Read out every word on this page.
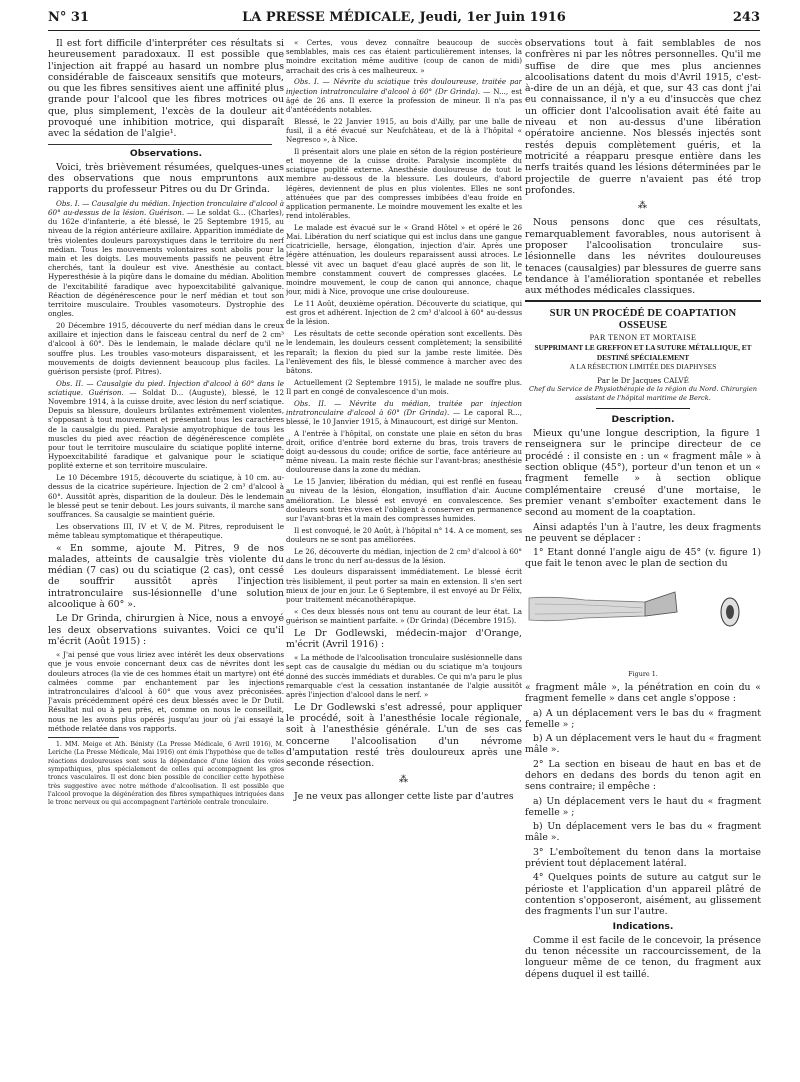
N° 31	LA PRESSE MÉDICALE, Jeudi, 1er Juin 1916	243

Il est fort difficile d'interpréter ces résultats si heureusement paradoxaux. Il est possible que l'injection ait frappé au hasard un nombre plus considérable de faisceaux sensitifs que moteurs, ou que les fibres sensitives aient une affinité plus grande pour l'alcool que les fibres motrices ou que, plus simplement, l'excès de la douleur ait provoqué une inhibition motrice, qui disparaît avec la sédation de l'algie¹.

Observations.

Voici, très brièvement résumées, quelques-unes des observations que nous empruntons aux rapports du professeur Pitres ou du Dr Grinda.

Obs. I. — Causalgie du médian. Injection tronculaire d'alcool à 60° au-dessus de la lésion. Guérison. — Le soldat G... (Charles), du 162e d'infanterie, a été blessé, le 25 Septembre 1915, au niveau de la région antérieure axillaire. Apparition immédiate de très violentes douleurs paroxystiques dans le territoire du nerf médian. Tous les mouvements volontaires sont abolis pour la main et les doigts. Les mouvements passifs ne peuvent être cherchés, tant la douleur est vive. Anesthésie au contact. Hyperesthésie à la piqûre dans le domaine du médian. Abolition de l'excitabilité faradique avec hypoexcitabilité galvanique. Réaction de dégénérescence pour le nerf médian et tout son territoire musculaire. Troubles vasomoteurs. Dystrophie des ongles.

20 Décembre 1915, découverte du nerf médian dans le creux axillaire et injection dans le faisceau central du nerf de 2 cm³ d'alcool à 60°. Dès le lendemain, le malade déclare qu'il ne souffre plus. Les troubles vaso-moteurs disparaissent, et les mouvements de doigts deviennent beaucoup plus faciles. La guérison persiste (prof. Pitres).

Obs. II. — Causalgie du pied. Injection d'alcool à 60° dans le sciatique. Guérison. — Soldat D... (Auguste), blessé, le 12 Novembre 1914, à la cuisse droite, avec lésion du nerf sciatique. Depuis sa blessure, douleurs brûlantes extrêmement violentes, s'opposant à tout mouvement et présentant tous les caractères de la causalgie du pied. Paralysie amyotrophique de tous les muscles du pied avec réaction de dégénérescence complète pour tout le territoire musculaire du sciatique poplité interne. Hypoexcitabilité faradique et galvanique pour le sciatique poplité externe et son territoire musculaire.

Le 10 Décembre 1915, découverte du sciatique, à 10 cm. au-dessus de la cicatrice supérieure. Injection de 2 cm³ d'alcool à 60°. Aussitôt après, disparition de la douleur. Dès le lendemain le blessé peut se tenir debout. Les jours suivants, il marche sans souffrances. Sa causalgie se maintient guérie.

Les observations III, IV et V, de M. Pitres, reproduisent le même tableau symptomatique et thérapeutique.

« En somme, ajoute M. Pitres, 9 de nos malades, atteints de causalgie très violente du médian (7 cas) ou du sciatique (2 cas), ont cessé de souffrir aussitôt après l'injection intratronculaire sus-lésionnelle d'une solution alcoolique à 60° ».

Le Dr Grinda, chirurgien à Nice, nous a envoyé les deux observations suivantes. Voici ce qu'il m'écrit (Août 1915) :

« J'ai pensé que vous liriez avec intérêt les deux observations que je vous envoie concernant deux cas de névrites dont les douleurs atroces (la vie de ces hommes était un martyre) ont été calmées comme par enchantement par les injections intratronculaires d'alcool à 60° que vous avez préconisées. J'avais précédemment opéré ces deux blessés avec le Dr Dutil. Résultat nul ou à peu près, et, comme on nous le conseillait, nous ne les avons plus opérés jusqu'au jour où j'ai essayé la méthode relatée dans vos rapports.

1. MM. Meige et Ath. Bénisty (La Presse Médicale, 6 Avril 1916), M. Leriche (La Presse Médicale, Mai 1916) ont émis l'hypothèse que de telles réactions douloureuses sont sous la dépendance d'une lésion des voies sympathiques, plus spécialement de celles qui accompagnent les gros troncs vasculaires. Il est donc bien possible de concilier cette hypothèse très suggestive avec notre méthode d'alcoolisation. Il est possible que l'alcool provoque la dégénération des fibres sympathiques intriquées dans le tronc nerveux ou qui accompagnent l'artériole centrale tronculaire.

« Certes, vous devez connaître beaucoup de succès semblables, mais ces cas étaient particulièrement intenses, la moindre excitation même auditive (coup de canon de midi) arrachait des cris à ces malheureux. »

Obs. I. — Névrite du sciatique très douloureuse, traitée par injection intratronculaire d'alcool à 60° (Dr Grinda). — N..., est âgé de 26 ans. Il exerce la profession de mineur. Il n'a pas d'antécédents notables.

Blessé, le 22 Janvier 1915, au bois d'Ailly, par une balle de fusil, il a été évacué sur Neufchâteau, et de là à l'hôpital « Negresco », à Nice.

Il présentait alors une plaie en séton de la région postérieure et moyenne de la cuisse droite. Paralysie incomplète du sciatique poplité externe. Anesthésie douloureuse de tout le membre au-dessous de la blessure. Les douleurs, d'abord légères, deviennent de plus en plus violentes. Elles ne sont atténuées que par des compresses imbibées d'eau froide en application permanente. Le moindre mouvement les exalte et les rend intolérables.

Le malade est évacué sur le « Grand Hôtel » et opéré le 26 Mai. Libération du nerf sciatique qui est inclus dans une gangue cicatricielle, hersage, élongation, injection d'air. Après une légère atténuation, les douleurs reparaissent aussi atroces. Le blessé vit avec un baquet d'eau glacé auprès de son lit, le membre constamment couvert de compresses glacées. Le moindre mouvement, le coup de canon qui annonce, chaque jour, midi à Nice, provoque une crise douloureuse.

Le 11 Août, deuxième opération. Découverte du sciatique, qui est gros et adhérent. Injection de 2 cm³ d'alcool à 60° au-dessus de la lésion.

Les résultats de cette seconde opération sont excellents. Dès le lendemain, les douleurs cessent complètement; la sensibilité reparaît; la flexion du pied sur la jambe reste limitée. Dès l'enlèvement des fils, le blessé commence à marcher avec des bâtons.

Actuellement (2 Septembre 1915), le malade ne souffre plus. Il part en congé de convalescence d'un mois.

Obs. II. — Névrite du médian, traitée par injection intratronculaire d'alcool à 60° (Dr Grinda). — Le caporal R..., blessé, le 10 Janvier 1915, à Minaucourt, est dirigé sur Menton.

A l'entrée à l'hôpital, on constate une plaie en séton du bras droit, orifice d'entrée bord externe du bras, trois travers de doigt au-dessous du coude; orifice de sortie, face antérieure au même niveau. La main reste fléchie sur l'avant-bras; anesthésie douloureuse dans la zone du médian.

Le 15 Janvier, libération du médian, qui est renflé en fuseau au niveau de la lésion, élongation, insufflation d'air. Aucune amélioration. Le blessé est envoyé en convalescence. Ses douleurs sont très vives et l'obligent à conserver en permanence sur l'avant-bras et la main des compresses humides.

Il est convoqué, le 20 Août, à l'hôpital n° 14. A ce moment, ses douleurs ne se sont pas améliorées.

Le 26, découverte du médian, injection de 2 cm³ d'alcool à 60° dans le tronc du nerf au-dessus de la lésion.

Les douleurs disparaissent immédiatement. Le blessé écrit très lisiblement, il peut porter sa main en extension. Il s'en sert mieux de jour en jour. Le 6 Septembre, il est envoyé au Dr Félix, pour traitement mécanothérapique.

« Ces deux blessés nous ont tenu au courant de leur état. La guérison se maintient parfaite. » (Dr Grinda) (Décembre 1915).

Le Dr Godlewski, médecin-major d'Orange, m'écrit (Avril 1916) :

« La méthode de l'alcoolisation tronculaire suslésionnelle dans sept cas de causalgie du médian ou du sciatique m'a toujours donné des succès immédiats et durables. Ce qui m'a paru le plus remarquable c'est la cessation instantanée de l'algie aussitôt après l'injection d'alcool dans le nerf. »

Le Dr Godlewski s'est adressé, pour appliquer le procédé, soit à l'anesthésie locale régionale, soit à l'anesthésie générale. L'un de ses cas concerne l'alcoolisation d'un névrome d'amputation resté très douloureux après une seconde résection.

⁂

Je ne veux pas allonger cette liste par d'autres

observations tout à fait semblables de nos confrères ni par les nôtres personnelles. Qu'il me suffise de dire que mes plus anciennes alcoolisations datent du mois d'Avril 1915, c'est-à-dire de un an déjà, et que, sur 43 cas dont j'ai eu connaissance, il n'y a eu d'insuccès que chez un officier dont l'alcoolisation avait été faite au niveau et non au-dessus d'une libération opératoire ancienne. Nos blessés injectés sont restés depuis complètement guéris, et la motricité a réapparu presque entière dans les nerfs traités quand les lésions déterminées par le projectile de guerre n'avaient pas été trop profondes.

⁂

Nous pensons donc que ces résultats, remarquablement favorables, nous autorisent à proposer l'alcoolisation tronculaire sus-lésionnelle dans les névrites douloureuses tenaces (causalgies) par blessures de guerre sans tendance à l'amélioration spontanée et rebelles aux méthodes médicales classiques.

SUR UN PROCÉDÉ DE COAPTATION OSSEUSE
PAR TENON ET MORTAISE
SUPPRIMANT LE GREFFON ET LA SUTURE MÉTALLIQUE, ET DESTINÉ SPÉCIALEMENT
A LA RÉSECTION LIMITÉE DES DIAPHYSES
Par le Dr Jacques CALVÉ
Chef du Service de Physiothérapie de la région du Nord. Chirurgien assistant de l'hôpital maritime de Berck.
Description.

Mieux qu'une longue description, la figure 1 renseignera sur le principe directeur de ce procédé : il consiste en : un « fragment mâle » à section oblique (45°), porteur d'un tenon et un « fragment femelle » à section oblique complémentaire creusé d'une mortaise, le premier venant s'emboîter exactement dans le second au moment de la coaptation.

Ainsi adaptés l'un à l'autre, les deux fragments ne peuvent se déplacer :

1° Etant donné l'angle aigu de 45° (v. figure 1) que fait le tenon avec le plan de section du

Figure 1.

« fragment mâle », la pénétration en coin du « fragment femelle » dans cet angle s'oppose :

a) A un déplacement vers le bas du « fragment femelle » ;

b) A un déplacement vers le haut du « fragment mâle ».

2° La section en biseau de haut en bas et de dehors en dedans des bords du tenon agit en sens contraire; il empêche :

a) Un déplacement vers le haut du « fragment femelle » ;

b) Un déplacement vers le bas du « fragment mâle ».

3° L'emboîtement du tenon dans la mortaise prévient tout déplacement latéral.

4° Quelques points de suture au catgut sur le périoste et l'application d'un appareil plâtré de contention s'opposeront, aisément, au glissement des fragments l'un sur l'autre.

Indications.

Comme il est facile de le concevoir, la présence du tenon nécessite un raccourcissement, de la longueur même de ce tenon, du fragment aux dépens duquel il est taillé.
